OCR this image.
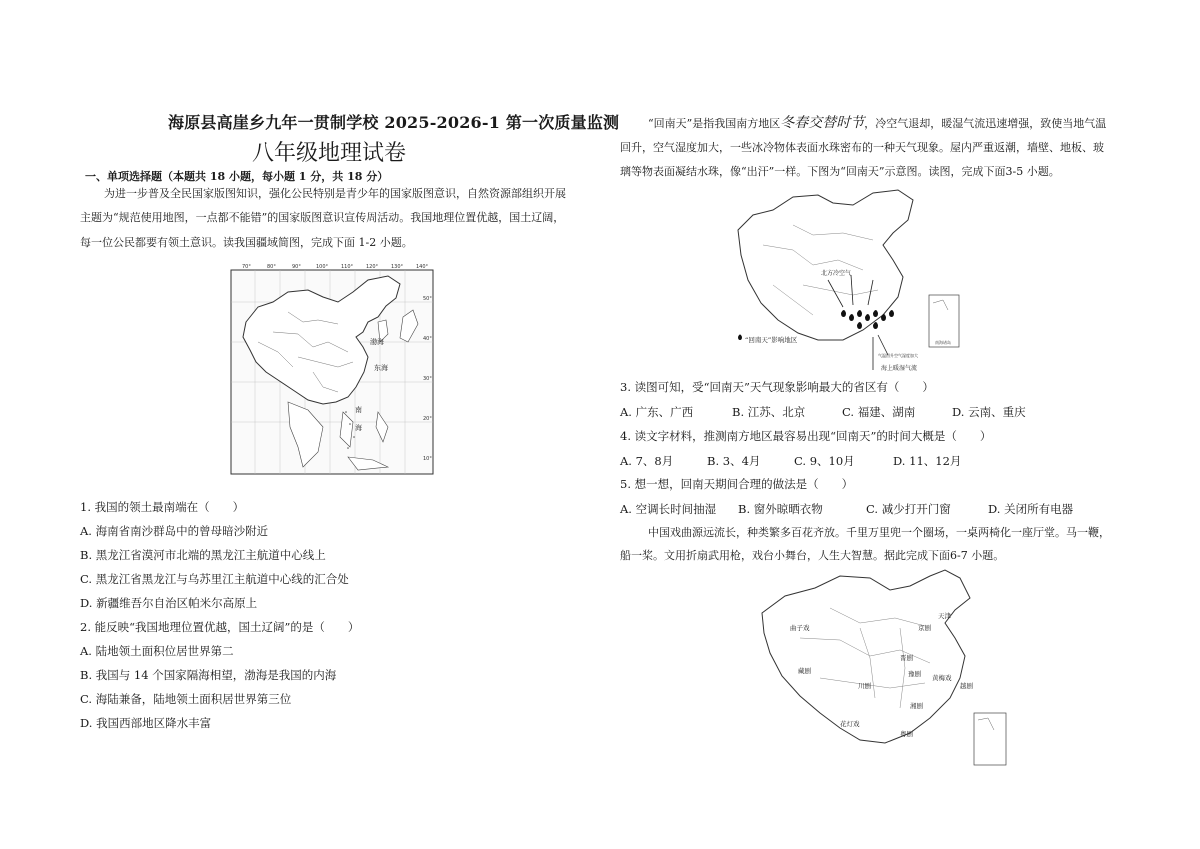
海原县高崖乡九年一贯制学校 2025-2026-1 第一次质量监测
八年级地理试卷
一、单项选择题（本题共 18 小题，每小题 1 分，共 18 分）
为进一步普及全民国家版图知识，强化公民特别是青少年的国家版图意识，自然资源部组织开展
主题为“规范使用地图，一点都不能错”的国家版图意识宣传周活动。我国地理位置优越，国土辽阔，
每一位公民都要有领土意识。读我国疆域简图，完成下面 1-2 小题。
70°	80°	90°	100°	110°	120°	130°	140°
50°
40°
30°
20°
10°
渤海
东海
南
海
1. 我国的领土最南端在（　　）
A. 海南省南沙群岛中的曾母暗沙附近
B. 黑龙江省漠河市北端的黑龙江主航道中心线上
C. 黑龙江省黑龙江与乌苏里江主航道中心线的汇合处
D. 新疆维吾尔自治区帕米尔高原上
2. 能反映“我国地理位置优越，国土辽阔”的是（　　）
A. 陆地领土面积位居世界第二
B. 我国与 14 个国家隔海相望，渤海是我国的内海
C. 海陆兼备，陆地领土面积居世界第三位
D. 我国西部地区降水丰富
“回南天”是指我国南方地区冬春交替时节，冷空气退却，暖湿气流迅速增强，致使当地气温
回升，空气湿度加大，一些冰冷物体表面水珠密布的一种天气现象。屋内严重返潮，墙壁、地板、玻
璃等物表面凝结水珠，像“出汗”一样。下图为“回南天”示意图。读图，完成下面3-5 小题。
北方冷空气
气温回升空气湿度加大
海上暖湿气流
“回南天”影响地区	南海诸岛
3. 读图可知，受“回南天”天气现象影响最大的省区有（　　）
A. 广东、广西	B. 江苏、北京	C. 福建、湖南	D. 云南、重庆
4. 读文字材料，推测南方地区最容易出现“回南天”的时间大概是（　　）
A. 7、8月	B. 3、4月	C. 9、10月	D. 11、12月
5. 想一想，回南天期间合理的做法是（　　）
A. 空调长时间抽湿 B. 窗外晾晒衣物	C. 减少打开门窗	D. 关闭所有电器
中国戏曲源远流长，种类繁多百花齐放。千里万里兜一个圈场，一桌两椅化一座厅堂。马一鞭，
船一桨。文用折扇武用枪，戏台小舞台，人生大智慧。据此完成下面6-7 小题。
曲子戏	京剧
天津
晋剧
藏剧
川剧
豫剧 黄梅戏
越剧
湘剧
花灯戏
粤剧
